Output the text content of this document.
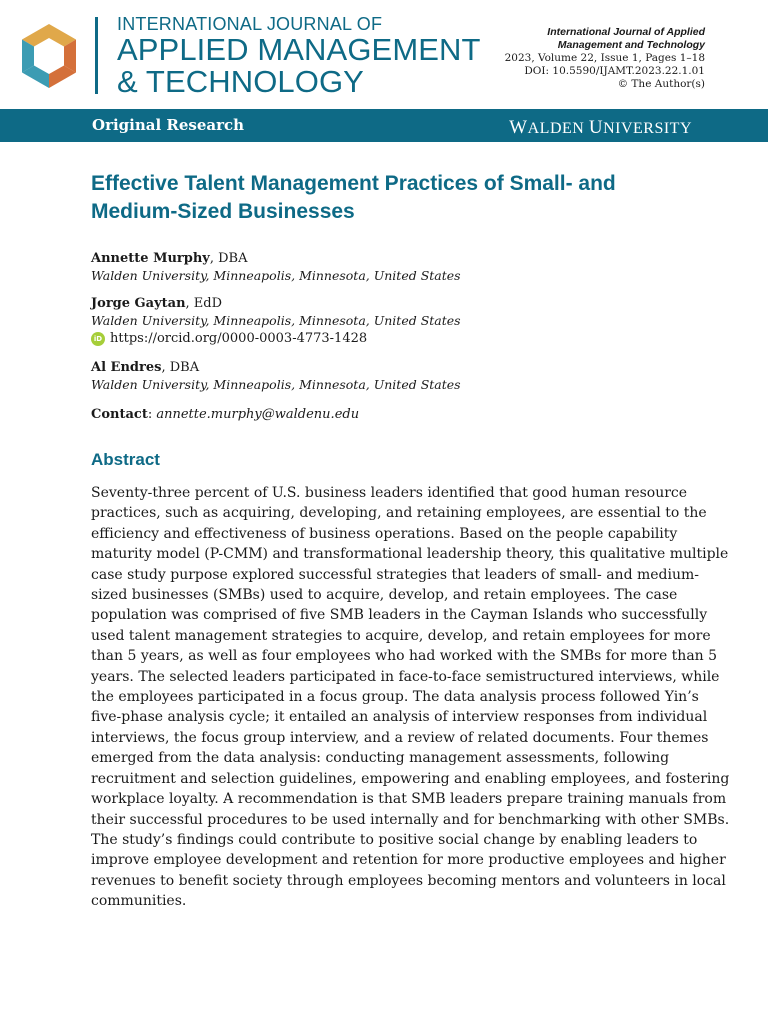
INTERNATIONAL JOURNAL OF
APPLIED MANAGEMENT
& TECHNOLOGY
International Journal of Applied
Management and Technology
2023, Volume 22, Issue 1, Pages 1–18
DOI: 10.5590/IJAMT.2023.22.1.01
© The Author(s)
Original Research	WALDEN UNIVERSITY
Effective Talent Management Practices of Small- and Medium-Sized Businesses
Annette Murphy, DBA
Walden University, Minneapolis, Minnesota, United States
Jorge Gaytan, EdD
Walden University, Minneapolis, Minnesota, United States
iD https://orcid.org/0000-0003-4773-1428
Al Endres, DBA
Walden University, Minneapolis, Minnesota, United States
Contact: annette.murphy@waldenu.edu
Abstract
Seventy-three percent of U.S. business leaders identified that good human resource practices, such as acquiring, developing, and retaining employees, are essential to the efficiency and effectiveness of business operations. Based on the people capability maturity model (P-CMM) and transformational leadership theory, this qualitative multiple case study purpose explored successful strategies that leaders of small- and medium-sized businesses (SMBs) used to acquire, develop, and retain employees. The case population was comprised of five SMB leaders in the Cayman Islands who successfully used talent management strategies to acquire, develop, and retain employees for more than 5 years, as well as four employees who had worked with the SMBs for more than 5 years. The selected leaders participated in face-to-face semistructured interviews, while the employees participated in a focus group. The data analysis process followed Yin’s five-phase analysis cycle; it entailed an analysis of interview responses from individual interviews, the focus group interview, and a review of related documents. Four themes emerged from the data analysis: conducting management assessments, following recruitment and selection guidelines, empowering and enabling employees, and fostering workplace loyalty. A recommendation is that SMB leaders prepare training manuals from their successful procedures to be used internally and for benchmarking with other SMBs. The study’s findings could contribute to positive social change by enabling leaders to improve employee development and retention for more productive employees and higher revenues to benefit society through employees becoming mentors and volunteers in local communities.
